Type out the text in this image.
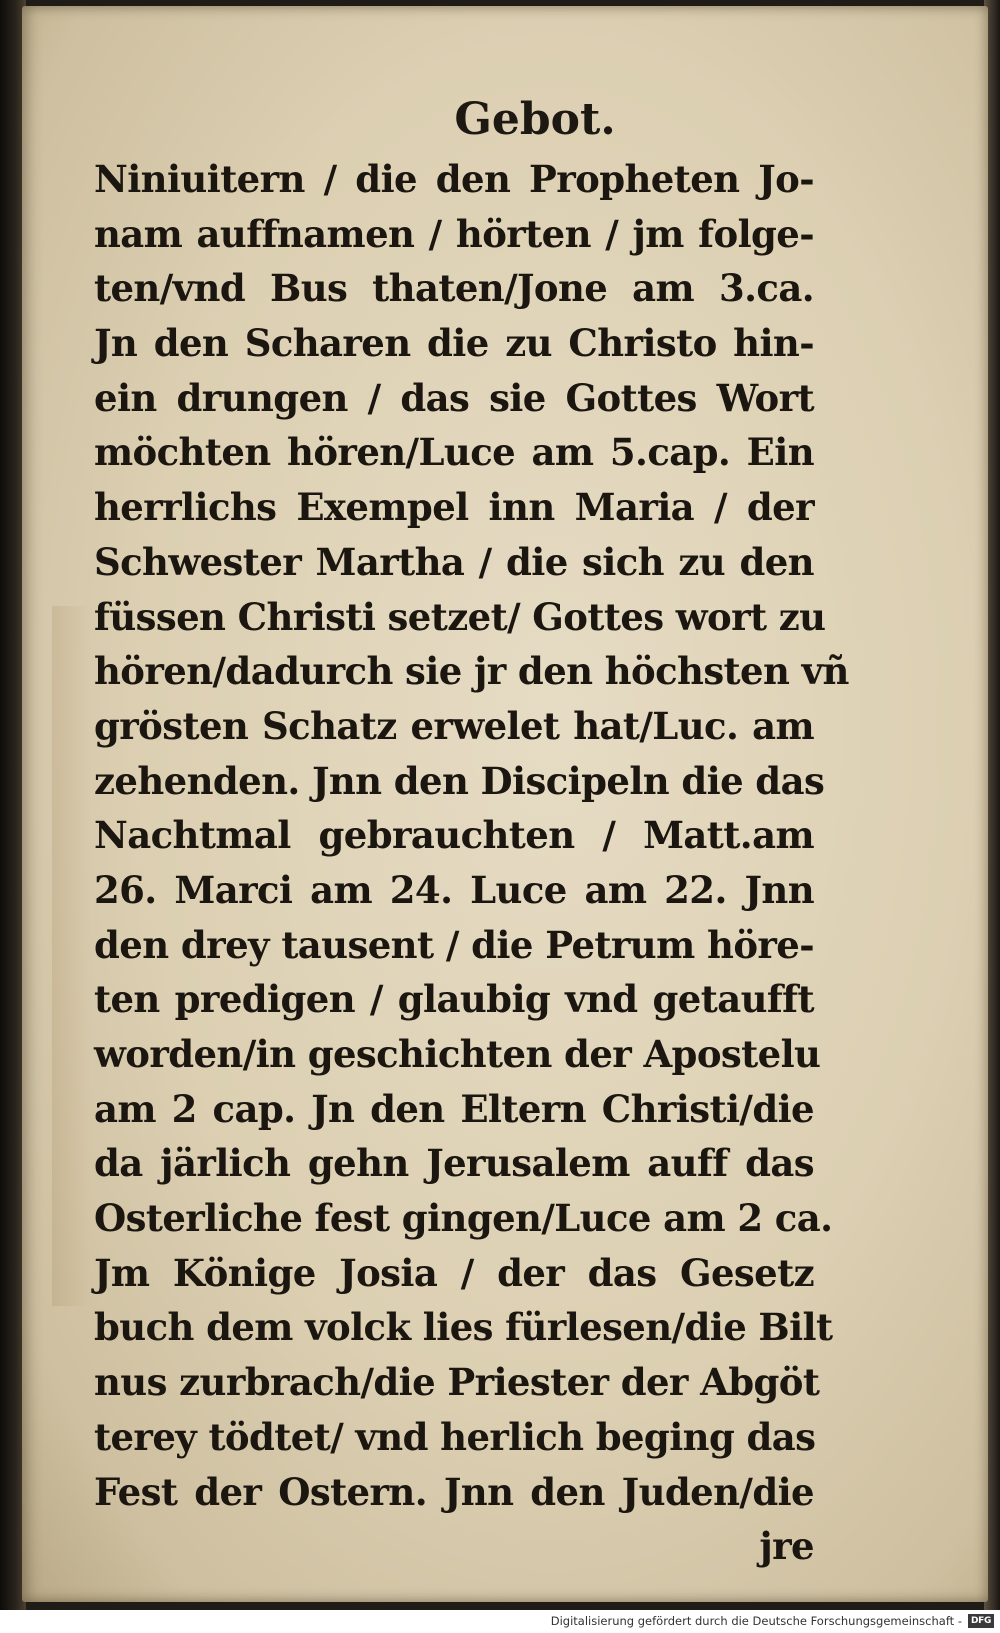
Gebot.
Niniuitern / die den Propheten Jo-
nam auffnamen / hörten / jm folge-
ten/vnd Bus thaten/Jone am 3.ca.
Jn den Scharen die zu Christo hin-
ein drungen / das sie Gottes Wort
möchten hören/Luce am 5.cap. Ein
herrlichs Exempel inn Maria / der
Schwester Martha / die sich zu den
füssen Christi setzet/ Gottes wort zu
hören/dadurch sie jr den höchsten vñ
grösten Schatz erwelet hat/Luc. am
zehenden. Jnn den Discipeln die das
Nachtmal gebrauchten / Matt.am
26. Marci am 24. Luce am 22. Jnn
den drey tausent / die Petrum höre-
ten predigen / glaubig vnd getaufft
worden/in geschichten der Apostelu
am 2 cap. Jn den Eltern Christi/die
da järlich gehn Jerusalem auff das
Osterliche fest gingen/Luce am 2 ca.
Jm Könige Josia / der das Gesetz
buch dem volck lies fürlesen/die Bilt
nus zurbrach/die Priester der Abgöt
terey tödtet/ vnd herlich beging das
Fest der Ostern. Jnn den Juden/die
jre
Digitalisierung gefördert durch die Deutsche Forschungsgemeinschaft - DFG
